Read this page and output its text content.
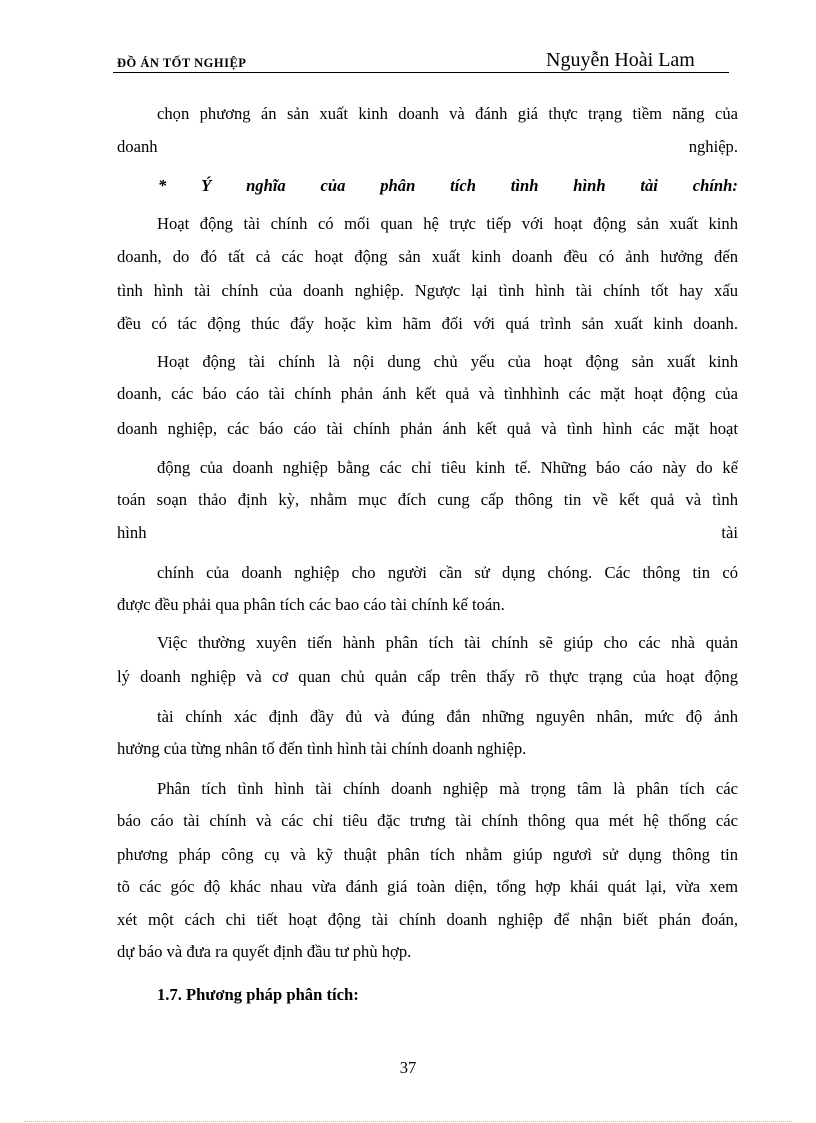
ĐỒ ÁN TỐT NGHIỆP	Nguyễn Hoài Lam
chọn phương án sản xuất kinh doanh và đánh giá thực trạng tiềm năng của
doanh	nghiệp.
* Ý nghĩa của phân tích tình hình tài chính:
Hoạt động tài chính có mối quan hệ trực tiếp với hoạt động sản xuất kinh
doanh, do đó tất cả các hoạt động sản xuất kinh doanh đều có ảnh hưởng đến
tình hình tài chính của doanh nghiệp. Ngược lại tình hình tài chính tốt hay xấu
đều có tác động thúc đẩy hoặc kìm hãm đối với quá trình sản xuất kinh doanh.
Hoạt động tài chính là nội dung chủ yếu của hoạt động sản xuất kinh
doanh, các báo cáo tài chính phản ánh kết quả và tìnhhình các mặt hoạt động của
doanh nghiệp, các báo cáo tài chính phản ánh kết quả và tình hình các mặt hoạt
động của doanh nghiệp bằng các chỉ tiêu kinh tế. Những báo cáo này do kế
toán soạn thảo định kỳ, nhằm mục đích cung cấp thông tin về kết quả và tình
hình	tài
chính của doanh nghiệp cho người cần sử dụng chóng. Các thông tin có
được đều phải qua phân tích các bao cáo tài chính kế toán.
Việc thường xuyên tiến hành phân tích tài chính sẽ giúp cho các nhà quản
lý doanh nghiệp và cơ quan chủ quản cấp trên thấy rõ thực trạng của hoạt động
tài chính xác định đầy đủ và đúng đắn những nguyên nhân, mức độ ảnh
hưởng của từng nhân tố đến tình hình tài chính doanh nghiệp.
Phân tích tình hình tài chính doanh nghiệp mà trọng tâm là phân tích các
báo cáo tài chính và các chỉ tiêu đặc trưng tài chính thông qua mét hệ thống các
phương pháp công cụ và kỹ thuật phân tích nhằm giúp ngươì sử dụng thông tin
tõ các góc độ khác nhau vừa đánh giá toàn diện, tổng hợp khái quát lại, vừa xem
xét một cách chi tiết hoạt động tài chính doanh nghiệp để nhận biết phán đoán,
dự báo và đưa ra quyết định đầu tư phù hợp.
1.7. Phương pháp phân tích:
37
